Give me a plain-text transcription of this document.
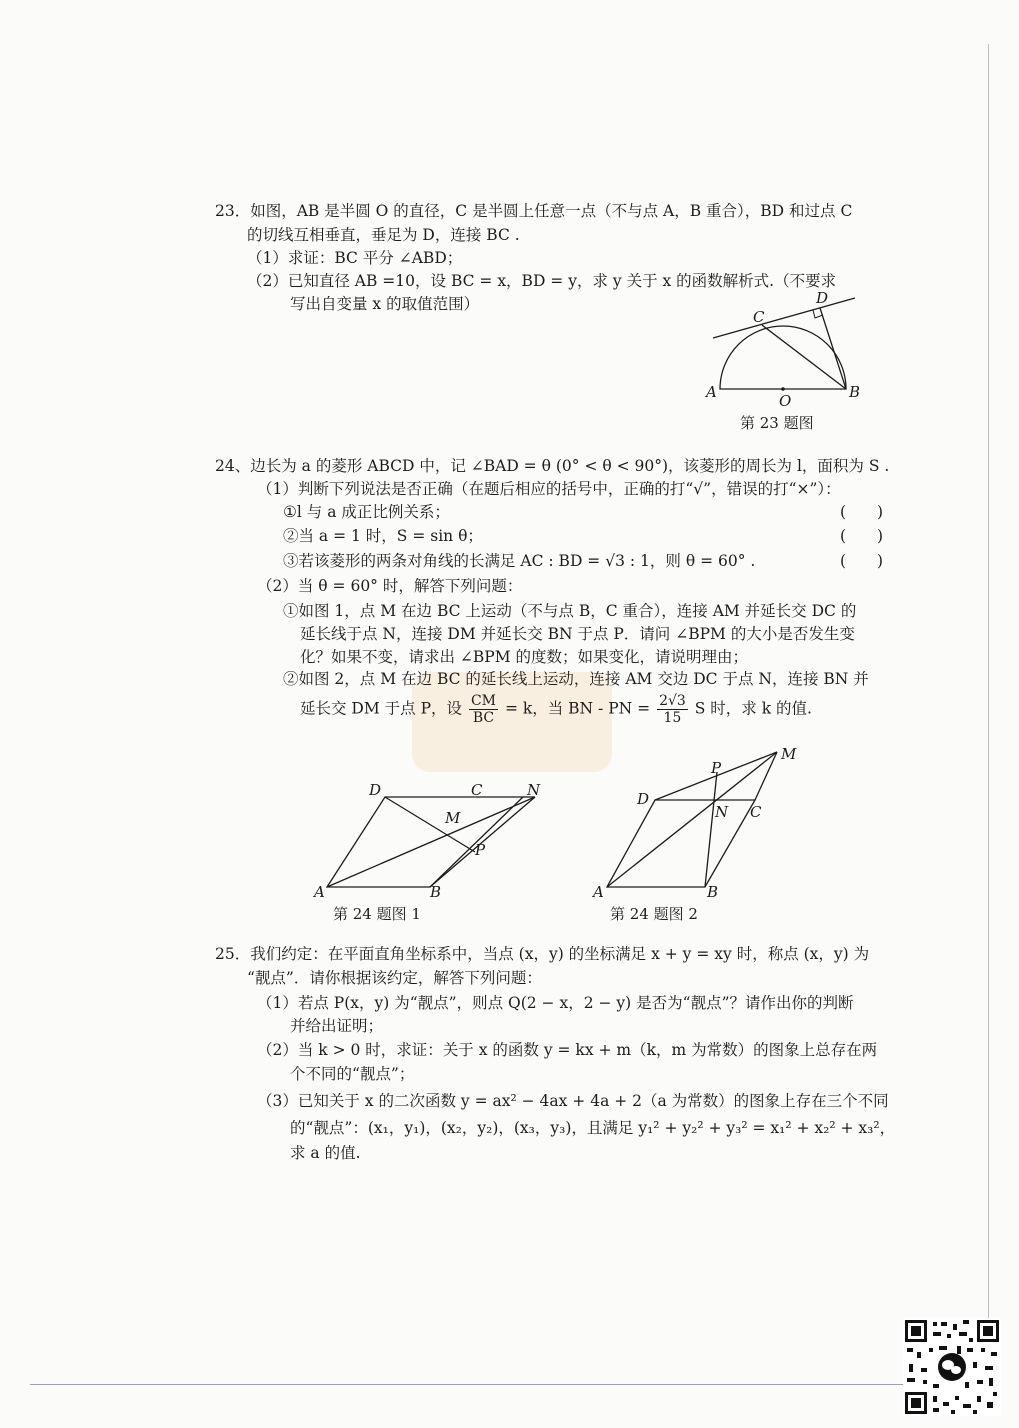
23．如图，AB 是半圆 O 的直径，C 是半圆上任意一点（不与点 A，B 重合），BD 和过点 C
的切线互相垂直，垂足为 D，连接 BC .
（1）求证：BC 平分 ∠ABD；
（2）已知直径 AB =10，设 BC = x，BD = y，求 y 关于 x 的函数解析式.（不要求
写出自变量 x 的取值范围）
A	B
C
D
O
第 23 题图
24、边长为 a 的菱形 ABCD 中，记 ∠BAD = θ (0° < θ < 90°)，该菱形的周长为 l，面积为 S .
（1）判断下列说法是否正确（在题后相应的括号中，正确的打“√”，错误的打“×”）：
①l 与 a 成正比例关系；	(　　)
②当 a = 1 时，S = sin θ；	(　　)
③若该菱形的两条对角线的长满足 AC : BD = √3 : 1，则 θ = 60° .	(　　)
（2）当 θ = 60° 时，解答下列问题：
①如图 1，点 M 在边 BC 上运动（不与点 B，C 重合），连接 AM 并延长交 DC 的
延长线于点 N，连接 DM 并延长交 BN 于点 P．请问 ∠BPM 的大小是否发生变
化？如果不变，请求出 ∠BPM 的度数；如果变化，请说明理由；
②如图 2，点 M 在边 BC 的延长线上运动，连接 AM 交边 DC 于点 N，连接 BN 并
延长交 DM 于点 P，设 $\frac{CM}{BC} = k$，当 BN - PN = $\frac{2√3}{15}$ S 时，求 k 的值.
A	B
C
D
M
N
P
第 24 题图 1
A	B
C
D
M
N
P
第 24 题图 2
25．我们约定：在平面直角坐标系中，当点 (x，y) 的坐标满足 x + y = xy 时，称点 (x，y) 为
“靓点”．请你根据该约定，解答下列问题：
（1）若点 P(x，y) 为“靓点”，则点 Q(2 − x，2 − y) 是否为“靓点”？请作出你的判断
并给出证明；
（2）当 k > 0 时，求证：关于 x 的函数 y = kx + m（k，m 为常数）的图象上总存在两
个不同的“靓点”；
（3）已知关于 x 的二次函数 y = ax² − 4ax + 4a + 2（a 为常数）的图象上存在三个不同
的“靓点”：(x₁，y₁)，(x₂，y₂)，(x₃，y₃)，且满足 y₁² + y₂² + y₃² = x₁² + x₂² + x₃²，
求 a 的值.
